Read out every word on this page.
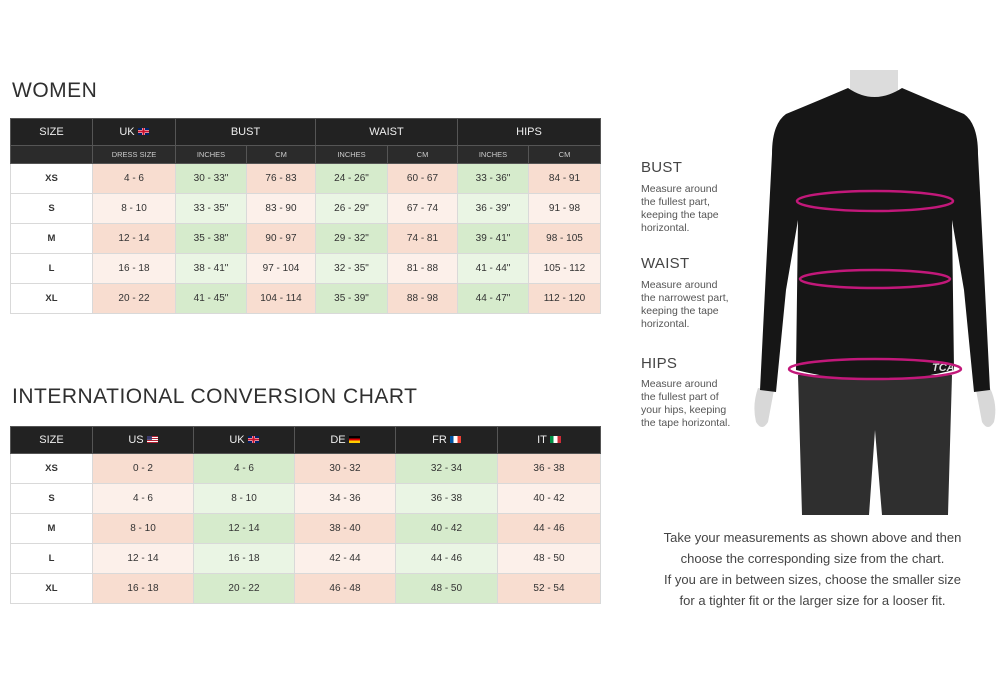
WOMEN
SIZE	UK	BUST		WAIST		HIPS	
	DRESS SIZE	INCHES	CM	INCHES	CM	INCHES	CM
XS	4 - 6	30 - 33"	76 - 83	24 - 26"	60 - 67	33 - 36"	84 - 91
S	8 - 10	33 - 35"	83 - 90	26 - 29"	67 - 74	36 - 39"	91 - 98
M	12 - 14	35 - 38"	90 - 97	29 - 32"	74 - 81	39 - 41"	98 - 105
L	16 - 18	38 - 41"	97 - 104	32 - 35"	81 - 88	41 - 44"	105 - 112
XL	20 - 22	41 - 45"	104 - 114	35 - 39"	88 - 98	44 - 47"	112 - 120
INTERNATIONAL CONVERSION CHART
SIZE	US	UK	DE	FR	IT
XS	0 - 2	4 - 6	30 - 32	32 - 34	36 - 38
S	4 - 6	8 - 10	34 - 36	36 - 38	40 - 42
M	8 - 10	12 - 14	38 - 40	40 - 42	44 - 46
L	12 - 14	16 - 18	42 - 44	44 - 46	48 - 50
XL	16 - 18	20 - 22	46 - 48	48 - 50	52 - 54
BUST
Measure around
the fullest part,
keeping the tape
horizontal.
WAIST
Measure around
the narrowest part,
keeping the tape
horizontal.
HIPS
Measure around
the fullest part of
your hips, keeping
the tape horizontal.
TCA
Take your measurements as shown above and then
choose the corresponding size from the chart.
If you are in between sizes, choose the smaller size
for a tighter fit or the larger size for a looser fit.
